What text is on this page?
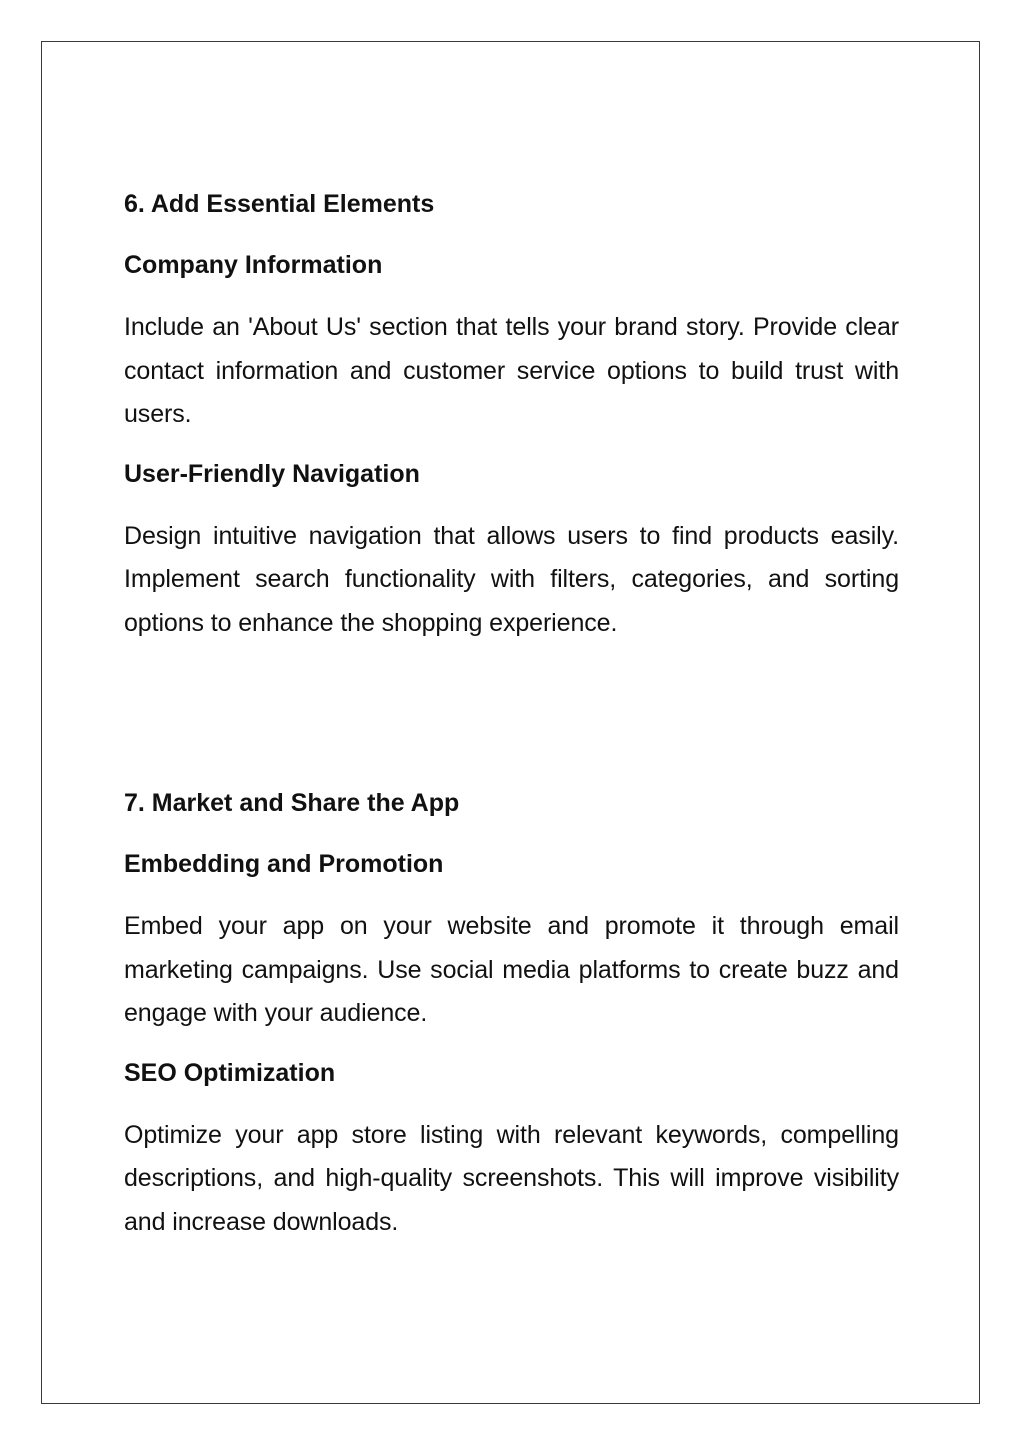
6. Add Essential Elements
Company Information

Include an 'About Us' section that tells your brand story. Provide clear contact information and customer service options to build trust with users.

User-Friendly Navigation

Design intuitive navigation that allows users to find products easily. Implement search functionality with filters, categories, and sorting options to enhance the shopping experience.

7. Market and Share the App
Embedding and Promotion

Embed your app on your website and promote it through email marketing campaigns. Use social media platforms to create buzz and engage with your audience.

SEO Optimization

Optimize your app store listing with relevant keywords, compelling descriptions, and high-quality screenshots. This will improve visibility and increase downloads.
